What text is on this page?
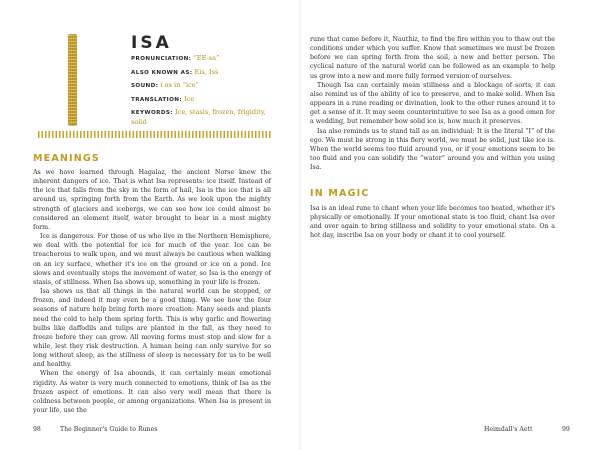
ISA
PRONUNCIATION: “EE-sa”
ALSO KNOWN AS: Eis, Iss
SOUND: i as in “ice”
TRANSLATION: Ice
KEYWORDS: Ice, stasis, frozen, frigidity, solid
MEANINGS

As we have learned through Hagalaz, the ancient Norse knew the inherent dangers of ice. That is what Isa represents: ice itself. Instead of the ice that falls from the sky in the form of hail, Isa is the ice that is all around us, springing forth from the Earth. As we look upon the mighty strength of glaciers and icebergs, we can see how ice could almost be considered an element itself, water brought to bear in a most mighty form.

Ice is dangerous. For those of us who live in the Northern Hemisphere, we deal with the potential for ice for much of the year. Ice can be treacherous to walk upon, and we must always be cautious when walking on an icy surface, whether it's ice on the ground or ice on a pond. Ice slows and eventually stops the movement of water, so Isa is the energy of stasis, of stillness. When Isa shows up, something in your life is frozen.

Isa shows us that all things in the natural world can be stopped, or frozen, and indeed it may even be a good thing. We see how the four seasons of nature help bring forth more creation: Many seeds and plants need the cold to help them spring forth. This is why garlic and flowering bulbs like daffodils and tulips are planted in the fall, as they need to freeze before they can grow. All moving forms must stop and slow for a while, lest they risk destruction. A human being can only survive for so long without sleep, as the stillness of sleep is necessary for us to be well and healthy.

When the energy of Isa abounds, it can certainly mean emotional rigidity. As water is very much connected to emotions, think of Isa as the frozen aspect of emotions. It can also very well mean that there is coldness between people, or among organizations. When Isa is present in your life, use the

98	The Beginner's Guide to Runes

rune that came before it, Nauthiz, to find the fire within you to thaw out the conditions under which you suffer. Know that sometimes we must be frozen before we can spring forth from the soil, a new and better person. The cyclical nature of the natural world can be followed as an example to help us grow into a new and more fully formed version of ourselves.

Though Isa can certainly mean stillness and a blockage of sorts, it can also remind us of the ability of ice to preserve, and to make solid. When Isa appears in a rune reading or divination, look to the other runes around it to get a sense of it. It may seem counterintuitive to see Isa as a good omen for a wedding, but remember how solid ice is, how much it preserves.

Isa also reminds us to stand tall as an individual: It is the literal “I” of the ego. We must be strong in this fiery world, we must be solid, just like ice is. When the world seems too fluid around you, or if your emotions seem to be too fluid and you can solidify the “water” around you and within you using Isa.

IN MAGIC

Isa is an ideal rune to chant when your life becomes too heated, whether it's physically or emotionally. If your emotional state is too fluid, chant Isa over and over again to bring stillness and solidity to your emotional state. On a hot day, inscribe Isa on your body or chant it to cool yourself.

Heimdall's Aett	99
